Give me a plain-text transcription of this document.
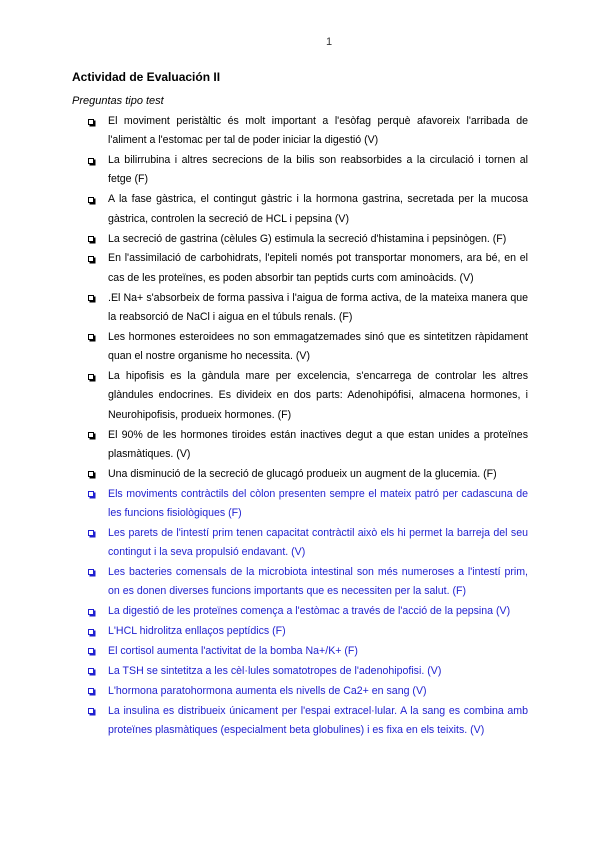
1
Actividad de Evaluación II

Preguntas tipo test

El moviment peristàltic és molt important a l'esòfag perquè afavoreix l'arribada de l'aliment a l'estomac per tal de poder iniciar la digestió (V)
La bilirrubina i altres secrecions de la bilis son reabsorbides a la circulació i tornen al fetge (F)
A la fase gàstrica, el contingut gàstric i la hormona gastrina, secretada per la mucosa gàstrica, controlen la secreció de HCL i pepsina (V)
La secreció de gastrina (cèlules G) estimula la secreció d'histamina i pepsinògen. (F)
En l'assimilació de carbohidrats, l'epiteli només pot transportar monomers, ara bé, en el cas de les proteïnes, es poden absorbir tan peptids curts com aminoàcids. (V)
.El Na+ s'absorbeix de forma passiva i l'aigua de forma activa, de la mateixa manera que la reabsorció de NaCl i aigua en el túbuls renals. (F)
Les hormones esteroidees no son emmagatzemades sinó que es sintetitzen ràpidament quan el nostre organisme ho necessita. (V)
La hipofisis es la gàndula mare per excelencia, s'encarrega de controlar les altres glàndules endocrines. Es divideix en dos parts: Adenohipófisi, almacena hormones, i Neurohipofisis, produeix hormones. (F)
El 90% de les hormones tiroides están inactives degut a que estan unides a proteïnes plasmàtiques. (V)
Una disminució de la secreció de glucagó produeix un augment de la glucemia. (F)
Els moviments contràctils del còlon presenten sempre el mateix patró per cadascuna de les funcions fisiològiques (F)
Les parets de l'intestí prim tenen capacitat contràctil això els hi permet la barreja del seu contingut i la seva propulsió endavant. (V)
Les bacteries comensals de la microbiota intestinal son més numeroses a l'intestí prim, on es donen diverses funcions importants que es necessiten per la salut. (F)
La digestió de les proteïnes comença a l'estòmac a través de l'acció de la pepsina (V)
L'HCL hidrolitza enllaços peptídics (F)
El cortisol aumenta l'activitat de la bomba Na+/K+ (F)
La TSH se sintetitza a les cèl·lules somatotropes de l'adenohipofisi. (V)
L'hormona paratohormona aumenta els nivells de Ca2+ en sang (V)
La insulina es distribueix únicament per l'espai extracel·lular. A la sang es combina amb proteïnes plasmàtiques (especialment beta globulines) i es fixa en els teixits. (V)
